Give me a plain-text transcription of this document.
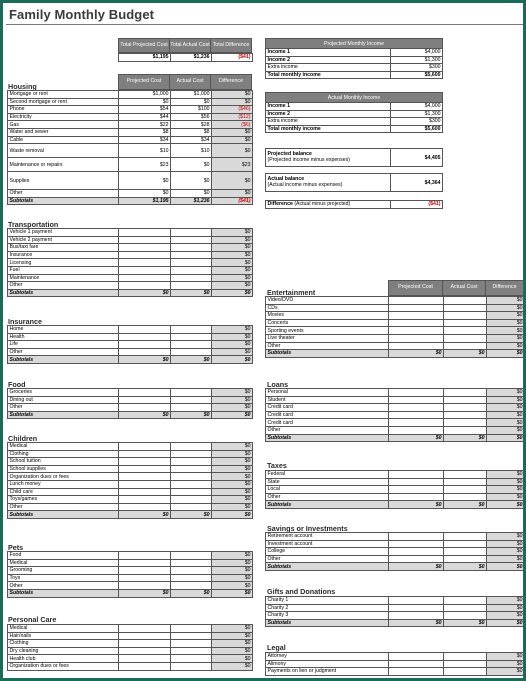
Family Monthly Budget
Total Projected Cost Total Actual Cost Total Difference
$1,195	$1,236	($41)
Housing
Projected Cost	Actual Cost	Difference
Mortgage or rent	$1,000	$1,000	$0
Second mortgage or rent	$0	$0	$0
Phone	$54	$100	($46)
Electricity	$44	$56	($12)
Gas	$22	$28	($6)
Water and sewer	$8	$8	$0
Cable	$34	$34	$0
Waste removal	$10	$10	$0
Maintenance or repairs	$23	$0	$23
Supplies	$0	$0	$0
Other	$0	$0	$0
Subtotals	$1,195	$1,236	($41)
Projected Monthly Income	
Income 1	$4,000
Income 2	$1,300
Extra income	$300
Total monthly income	$5,600
Actual Monthly Income	
Income 1	$4,000
Income 2	$1,300
Extra income	$300
Total monthly income	$5,600
Projected balance
(Projected income minus expenses)	$4,405
Actual balance
(Actual income minus expenses)	$4,364
Difference (Actual minus projected)	($41)
Transportation
Vehicle 1 payment			$0
Vehicle 2 payment			$0
Bus/taxi fare			$0
Insurance			$0
Licensing			$0
Fuel			$0
Maintenance			$0
Other			$0
Subtotals	$0	$0	$0
Insurance
Home			$0
Health			$0
Life			$0
Other			$0
Subtotals	$0	$0	$0
Food
Groceries			$0
Dining out			$0
Other			$0
Subtotals	$0	$0	$0
Children
Medical			$0
Clothing			$0
School tuition			$0
School supplies			$0
Organization dues or fees			$0
Lunch money			$0
Child care			$0
Toys/games			$0
Other			$0
Subtotals	$0	$0	$0
Pets
Food			$0
Medical			$0
Grooming			$0
Toys			$0
Other			$0
Subtotals	$0	$0	$0
Personal Care
Medical			$0
Hair/nails			$0
Clothing			$0
Dry cleaning			$0
Health club			$0
Organization dues or fees			$0
Projected Cost	Actual Cost	Difference
Entertainment
Video/DVD			$0
CDs			$0
Movies			$0
Concerts			$0
Sporting events			$0
Live theater			$0
Other			$0
Subtotals	$0	$0	$0
Loans
Personal			$0
Student			$0
Credit card			$0
Credit card			$0
Credit card			$0
Other			$0
Subtotals	$0	$0	$0
Taxes
Federal			$0
State			$0
Local			$0
Other			$0
Subtotals	$0	$0	$0
Savings or Investments
Retirement account			$0
Investment account			$0
College			$0
Other			$0
Subtotals	$0	$0	$0
Gifts and Donations
Charity 1			$0
Charity 2			$0
Charity 3			$0
Subtotals	$0	$0	$0
Legal
Attorney			$0
Alimony			$0
Payments on lien or judgment			$0
